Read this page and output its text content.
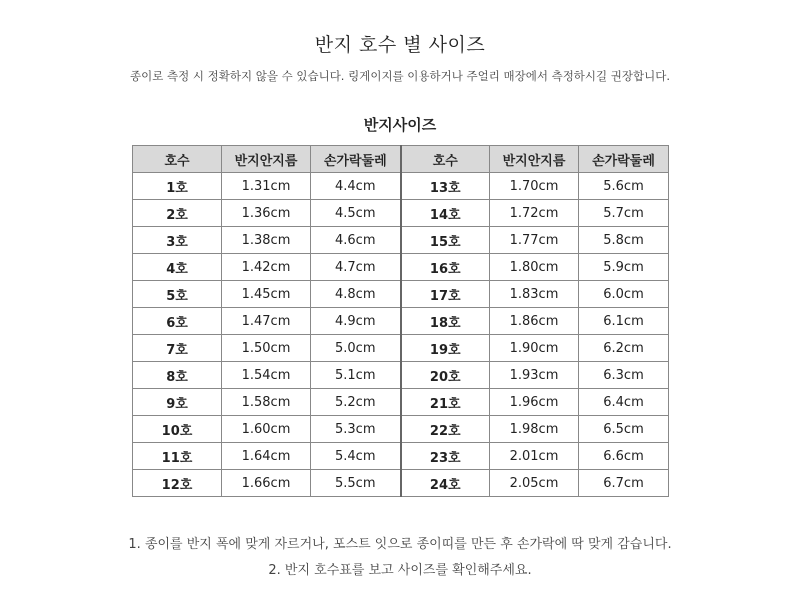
반지 호수 별 사이즈
종이로 측정 시 정확하지 않을 수 있습니다. 링게이지를 이용하거나 주얼리 매장에서 측정하시길 권장합니다.
반지사이즈
호수	반지안지름	손가락둘레	호수	반지안지름	손가락둘레
1호	1.31cm	4.4cm	13호	1.70cm	5.6cm
2호	1.36cm	4.5cm	14호	1.72cm	5.7cm
3호	1.38cm	4.6cm	15호	1.77cm	5.8cm
4호	1.42cm	4.7cm	16호	1.80cm	5.9cm
5호	1.45cm	4.8cm	17호	1.83cm	6.0cm
6호	1.47cm	4.9cm	18호	1.86cm	6.1cm
7호	1.50cm	5.0cm	19호	1.90cm	6.2cm
8호	1.54cm	5.1cm	20호	1.93cm	6.3cm
9호	1.58cm	5.2cm	21호	1.96cm	6.4cm
10호	1.60cm	5.3cm	22호	1.98cm	6.5cm
11호	1.64cm	5.4cm	23호	2.01cm	6.6cm
12호	1.66cm	5.5cm	24호	2.05cm	6.7cm
1. 종이를 반지 폭에 맞게 자르거나, 포스트 잇으로 종이띠를 만든 후 손가락에 딱 맞게 감습니다.
2. 반지 호수표를 보고 사이즈를 확인해주세요.
